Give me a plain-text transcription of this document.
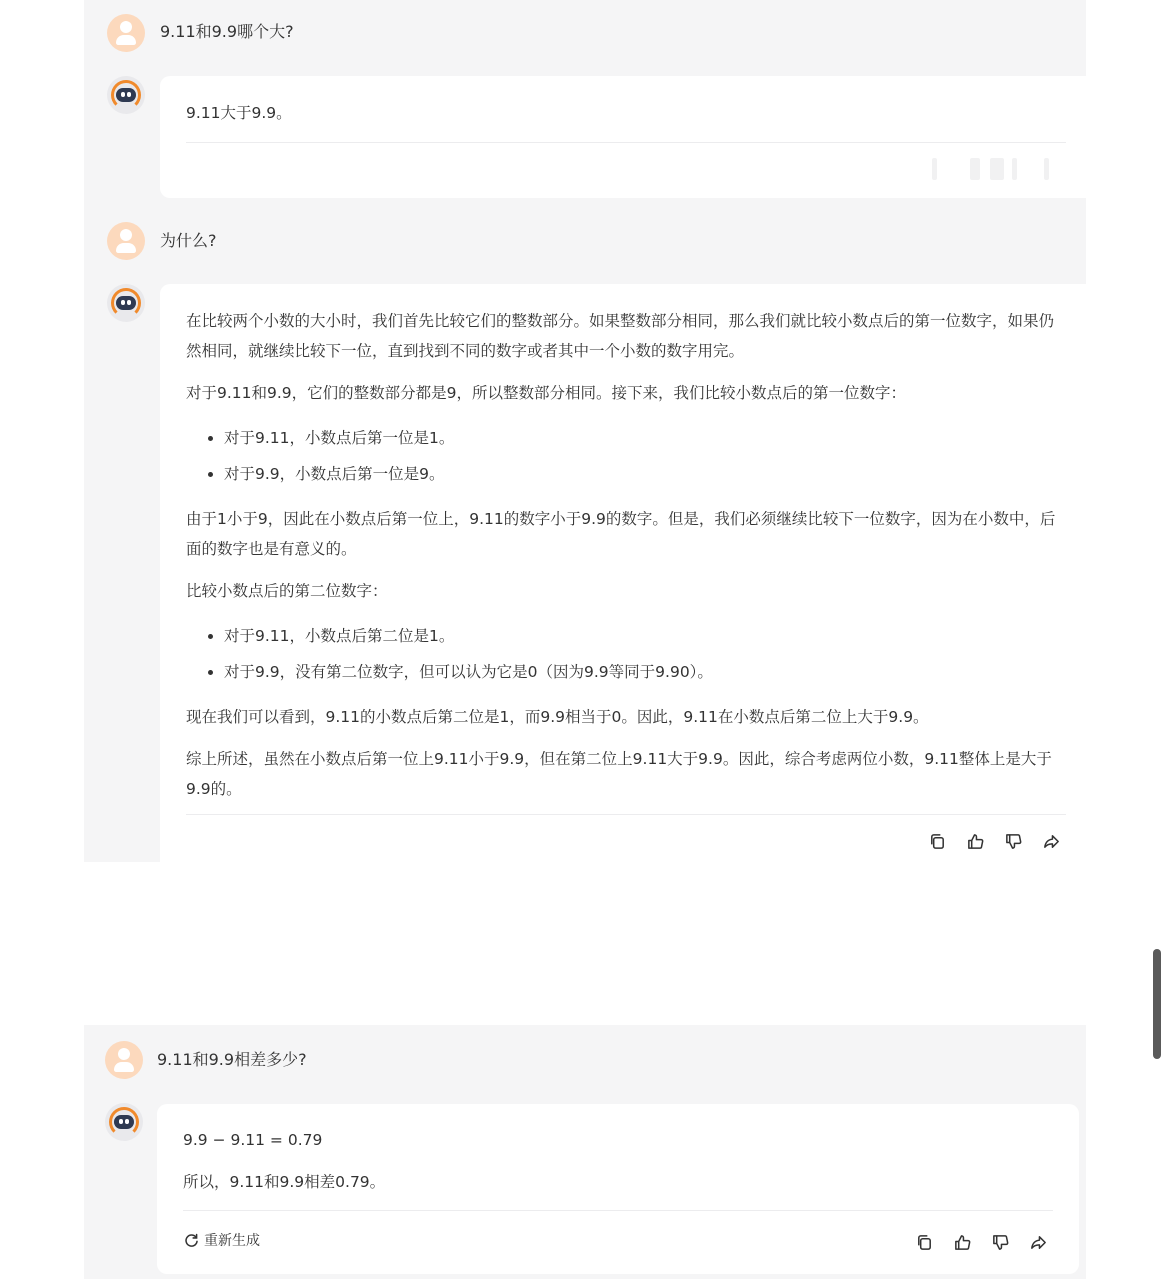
9.11和9.9哪个大?

9.11大于9.9。

为什么?

在比较两个小数的大小时，我们首先比较它们的整数部分。如果整数部分相同，那么我们就比较小数点后的第一位数字，如果仍然相同，就继续比较下一位，直到找到不同的数字或者其中一个小数的数字用完。

对于9.11和9.9，它们的整数部分都是9，所以整数部分相同。接下来，我们比较小数点后的第一位数字：

• 对于9.11，小数点后第一位是1。
• 对于9.9，小数点后第一位是9。

由于1小于9，因此在小数点后第一位上，9.11的数字小于9.9的数字。但是，我们必须继续比较下一位数字，因为在小数中，后面的数字也是有意义的。

比较小数点后的第二位数字：

• 对于9.11，小数点后第二位是1。
• 对于9.9，没有第二位数字，但可以认为它是0（因为9.9等同于9.90）。

现在我们可以看到，9.11的小数点后第二位是1，而9.9相当于0。因此，9.11在小数点后第二位上大于9.9。

综上所述，虽然在小数点后第一位上9.11小于9.9，但在第二位上9.11大于9.9。因此，综合考虑两位小数，9.11整体上是大于9.9的。

9.11和9.9相差多少?

9.9 − 9.11 = 0.79

所以，9.11和9.9相差0.79。

重新生成
